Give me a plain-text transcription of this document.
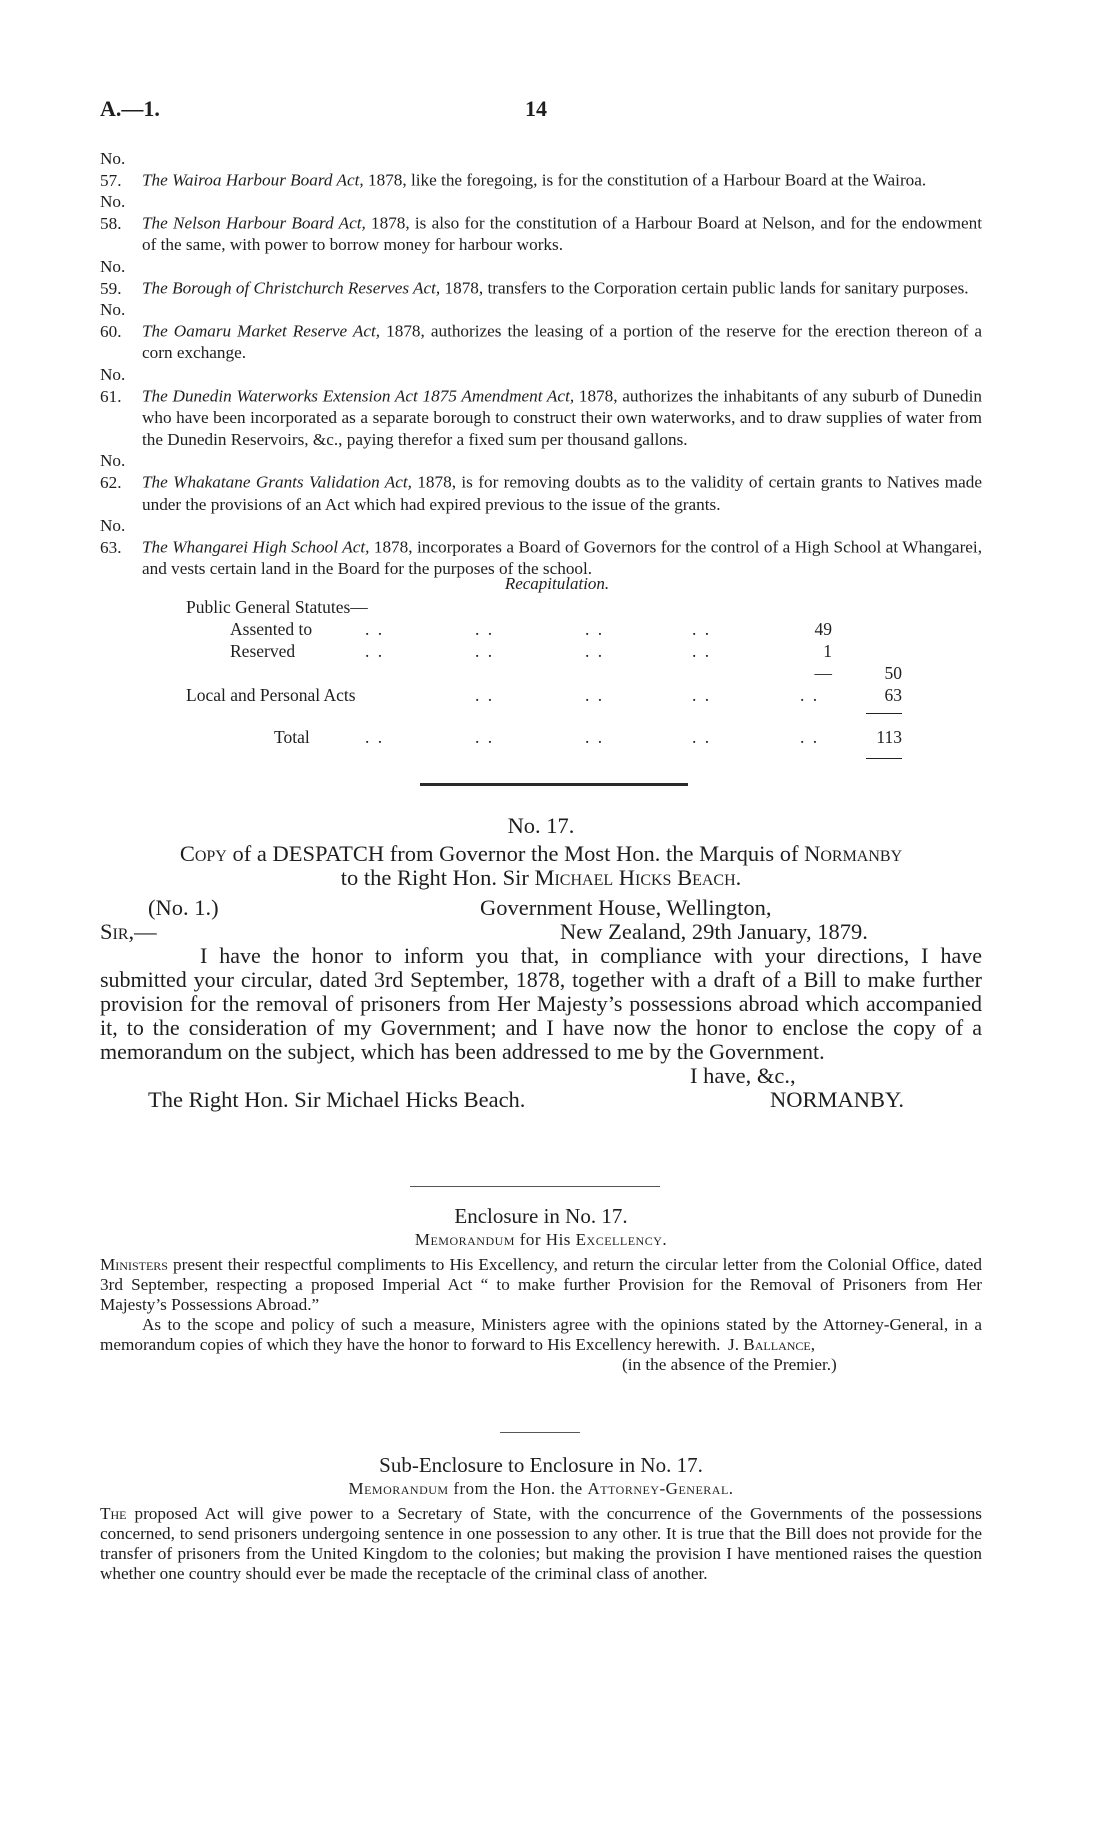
A.—1.	14

No. 57. The Wairoa Harbour Board Act, 1878, like the foregoing, is for the constitution of a Harbour Board at the Wairoa.

No. 58. The Nelson Harbour Board Act, 1878, is also for the constitution of a Harbour Board at Nelson, and for the endowment of the same, with power to borrow money for harbour works.

No. 59. The Borough of Christchurch Reserves Act, 1878, transfers to the Corporation certain public lands for sanitary purposes.

No. 60. The Oamaru Market Reserve Act, 1878, authorizes the leasing of a portion of the reserve for the erection thereon of a corn exchange.

No. 61. The Dunedin Waterworks Extension Act 1875 Amendment Act, 1878, authorizes the inhabitants of any suburb of Dunedin who have been incorporated as a separate borough to construct their own waterworks, and to draw supplies of water from the Dunedin Reservoirs, &c., paying therefor a fixed sum per thousand gallons.

No. 62. The Whakatane Grants Validation Act, 1878, is for removing doubts as to the validity of certain grants to Natives made under the provisions of an Act which had expired previous to the issue of the grants.

No. 63. The Whangarei High School Act, 1878, incorporates a Board of Governors for the control of a High School at Whangarei, and vests certain land in the Board for the purposes of the school.

Recapitulation.
Public General Statutes—
Assented to	. .	. .	. .	. .	49
Reserved	. .	. .	. .	. .	1
—	50
Local and Personal Acts	. .	. .	. .	. .	63
Total	. .	. .	. .	. .	. .	113
No. 17.
Copy of a DESPATCH from Governor the Most Hon. the Marquis of Normanby
to the Right Hon. Sir Michael Hicks Beach.
(No. 1.)	Government House, Wellington,
Sir,—	New Zealand, 29th January, 1879.

I have the honor to inform you that, in compliance with your directions, I have submitted your circular, dated 3rd September, 1878, together with a draft of a Bill to make further provision for the removal of prisoners from Her Majesty’s possessions abroad which accompanied it, to the consideration of my Government; and I have now the honor to enclose the copy of a memorandum on the subject, which has been addressed to me by the Government.

I have, &c.,
The Right Hon. Sir Michael Hicks Beach.	NORMANBY.
Enclosure in No. 17.
Memorandum for His Excellency.

Ministers present their respectful compliments to His Excellency, and return the circular letter from the Colonial Office, dated 3rd September, respecting a proposed Imperial Act “ to make further Provision for the Removal of Prisoners from Her Majesty’s Possessions Abroad.”

As to the scope and policy of such a measure, Ministers agree with the opinions stated by the Attorney-General, in a memorandum copies of which they have the honor to forward to His Excellency herewith. J. Ballance,
(in the absence of the Premier.)
Sub-Enclosure to Enclosure in No. 17.
Memorandum from the Hon. the Attorney-General.

The proposed Act will give power to a Secretary of State, with the concurrence of the Governments of the possessions concerned, to send prisoners undergoing sentence in one possession to any other. It is true that the Bill does not provide for the transfer of prisoners from the United Kingdom to the colonies; but making the provision I have mentioned raises the question whether one country should ever be made the receptacle of the criminal class of another.
